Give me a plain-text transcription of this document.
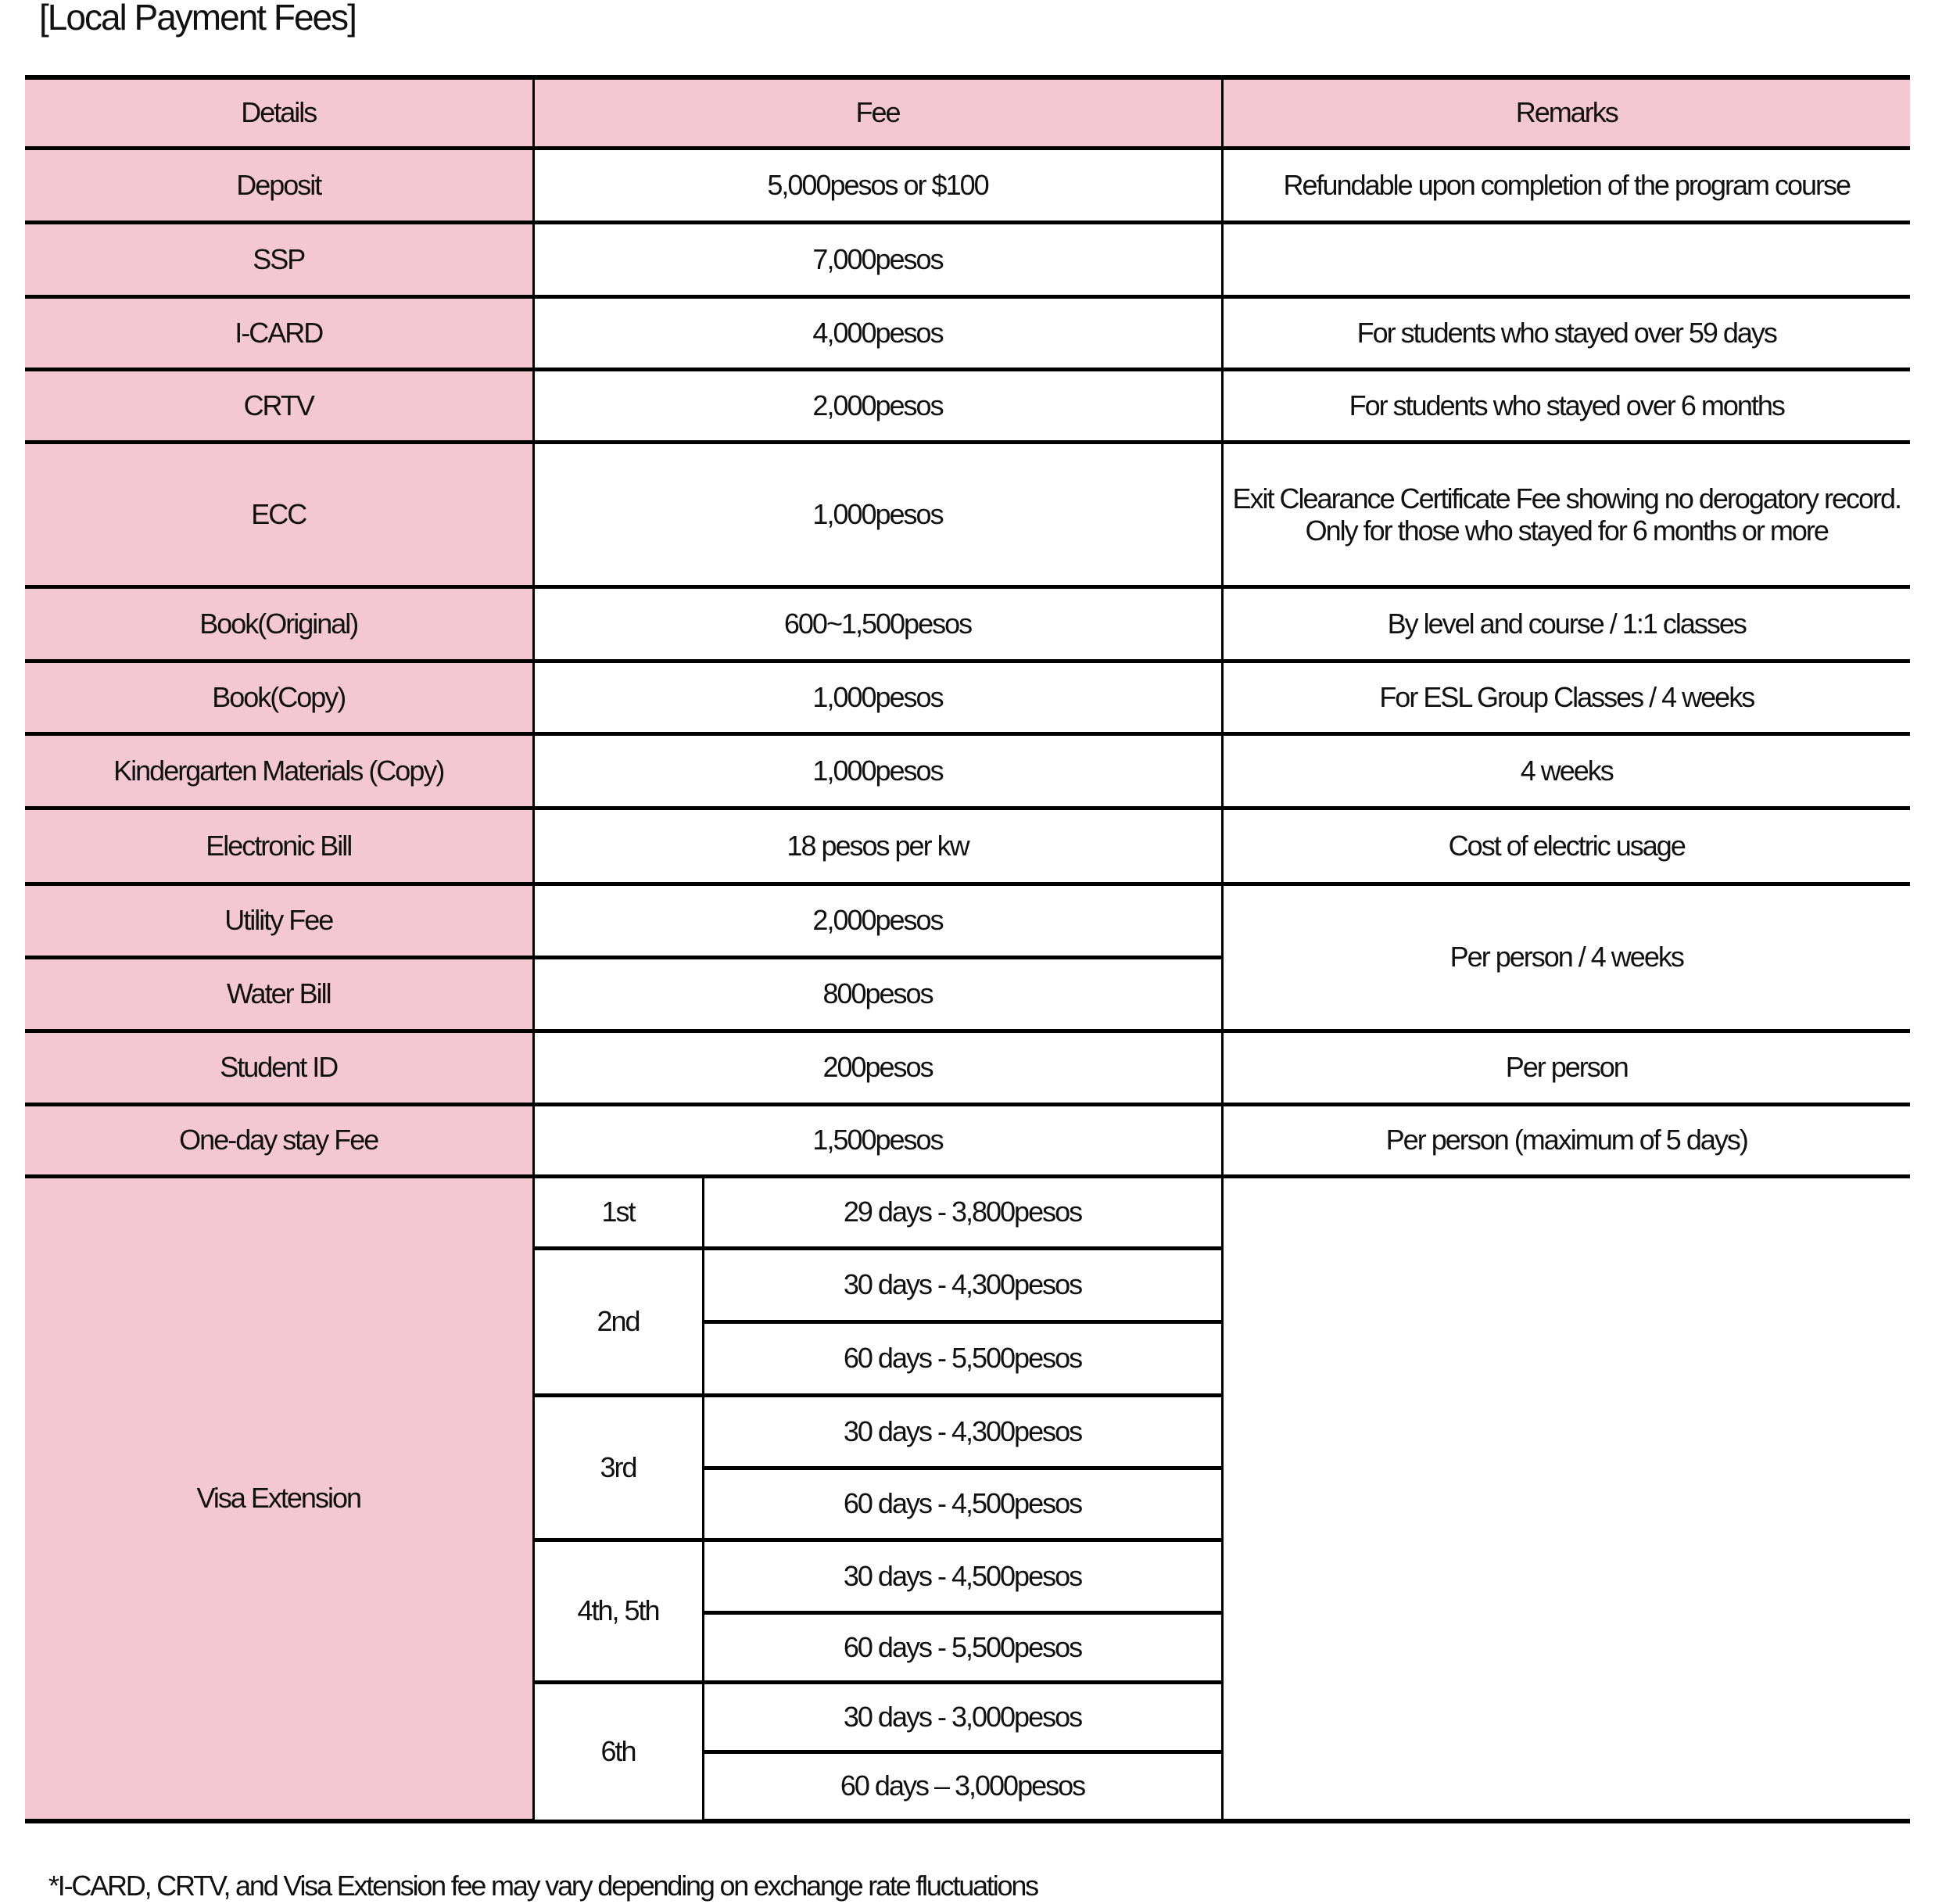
[Local Payment Fees]
Details	Fee		Remarks
Deposit	5,000pesos or $100		Refundable upon completion of the program course
SSP	7,000pesos		
I-CARD	4,000pesos		For students who stayed over 59 days
CRTV	2,000pesos		For students who stayed over 6 months
ECC	1,000pesos		Exit Clearance Certificate Fee showing no derogatory record.
Only for those who stayed for 6 months or more

Book(Original)	600~1,500pesos		By level and course / 1:1 classes
Book(Copy)	1,000pesos		For ESL Group Classes / 4 weeks
Kindergarten Materials (Copy)	1,000pesos		4 weeks
Electronic Bill	18 pesos per kw		Cost of electric usage
Utility Fee	2,000pesos		Per person / 4 weeks
Water Bill	800pesos		
Student ID	200pesos		Per person
One-day stay Fee	1,500pesos		Per person (maximum of 5 days)
Visa Extension	1st	29 days - 3,800pesos	
	2nd	30 days - 4,300pesos	
		60 days - 5,500pesos	
	3rd	30 days - 4,300pesos	
		60 days - 4,500pesos	
	4th, 5th	30 days - 4,500pesos	
		60 days - 5,500pesos	
	6th	30 days - 3,000pesos	
		60 days – 3,000pesos	
*I-CARD, CRTV, and Visa Extension fee may vary depending on exchange rate fluctuations
